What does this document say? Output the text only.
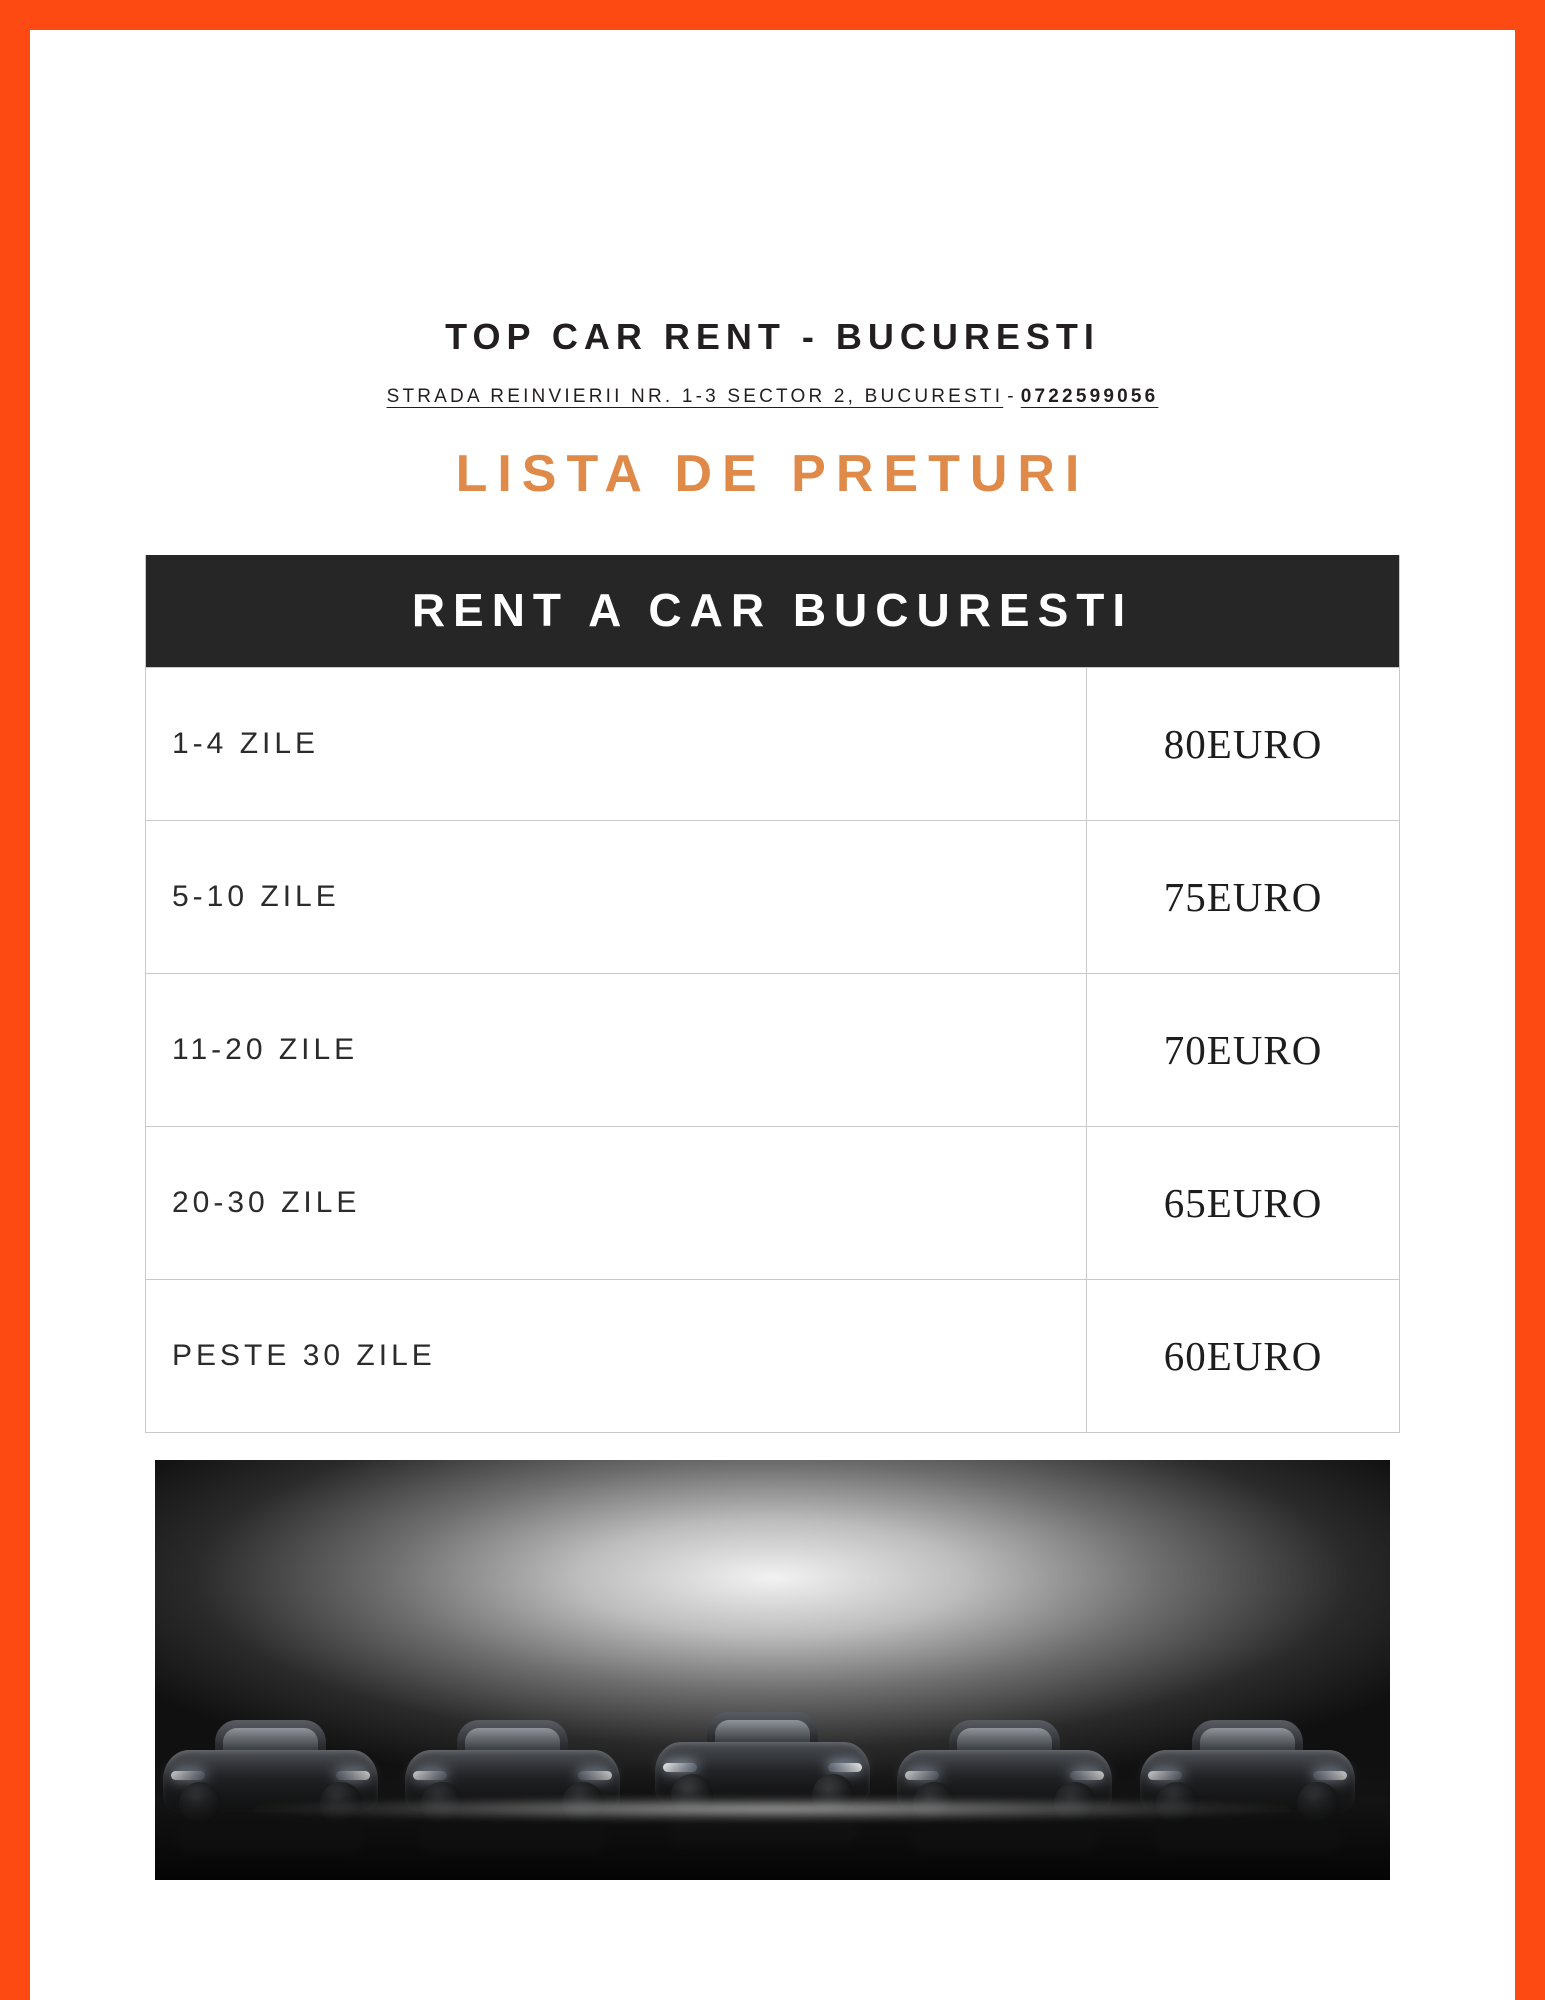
TOP CAR RENT - BUCURESTI
STRADA REINVIERII NR. 1-3 SECTOR 2, BUCURESTI - 0722599056
LISTA DE PRETURI
RENT A CAR BUCURESTI
1-4 ZILE	80EURO
5-10 ZILE	75EURO
11-20 ZILE	70EURO
20-30 ZILE	65EURO
PESTE 30 ZILE	60EURO
